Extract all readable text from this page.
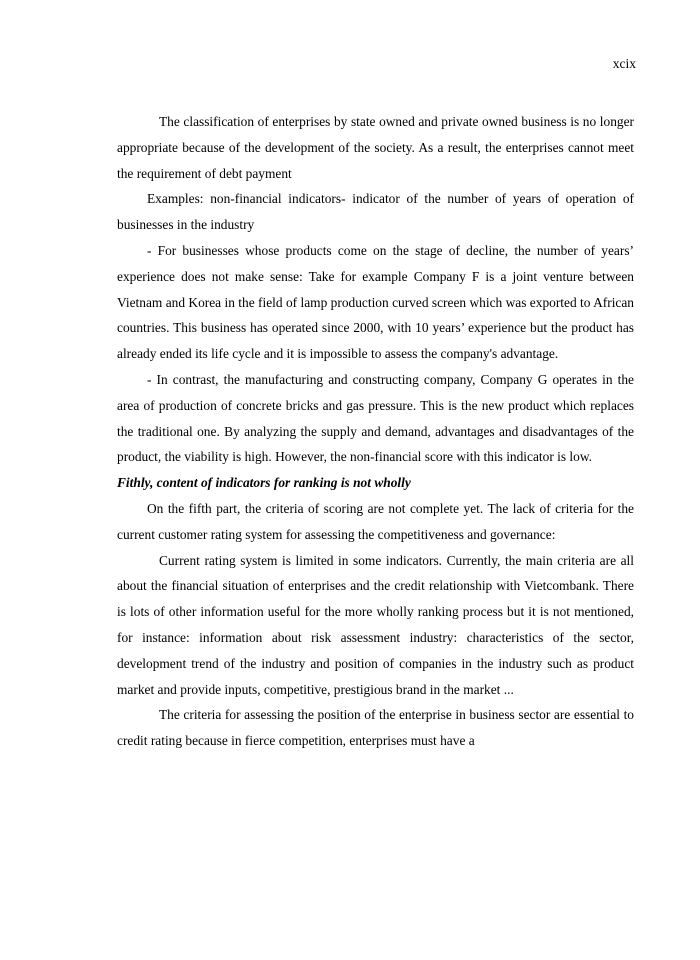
xcix

The classification of enterprises by state owned and private owned business is no longer appropriate because of the development of the society. As a result, the enterprises cannot meet the requirement of debt payment

Examples: non-financial indicators- indicator of the number of years of operation of businesses in the industry

- For businesses whose products come on the stage of decline, the number of years’ experience does not make sense: Take for example Company F is a joint venture between Vietnam and Korea in the field of lamp production curved screen which was exported to African countries. This business has operated since 2000, with 10 years’ experience but the product has already ended its life cycle and it is impossible to assess the company's advantage.

- In contrast, the manufacturing and constructing company, Company G operates in the area of production of concrete bricks and gas pressure. This is the new product which replaces the traditional one. By analyzing the supply and demand, advantages and disadvantages of the product, the viability is high. However, the non-financial score with this indicator is low.

Fithly, content of indicators for ranking is not wholly

On the fifth part, the criteria of scoring are not complete yet. The lack of criteria for the current customer rating system for assessing the competitiveness and governance:

Current rating system is limited in some indicators. Currently, the main criteria are all about the financial situation of enterprises and the credit relationship with Vietcombank. There is lots of other information useful for the more wholly ranking process but it is not mentioned, for instance: information about risk assessment industry: characteristics of the sector, development trend of the industry and position of companies in the industry such as product market and provide inputs, competitive, prestigious brand in the market ...

The criteria for assessing the position of the enterprise in business sector are essential to credit rating because in fierce competition, enterprises must have a
